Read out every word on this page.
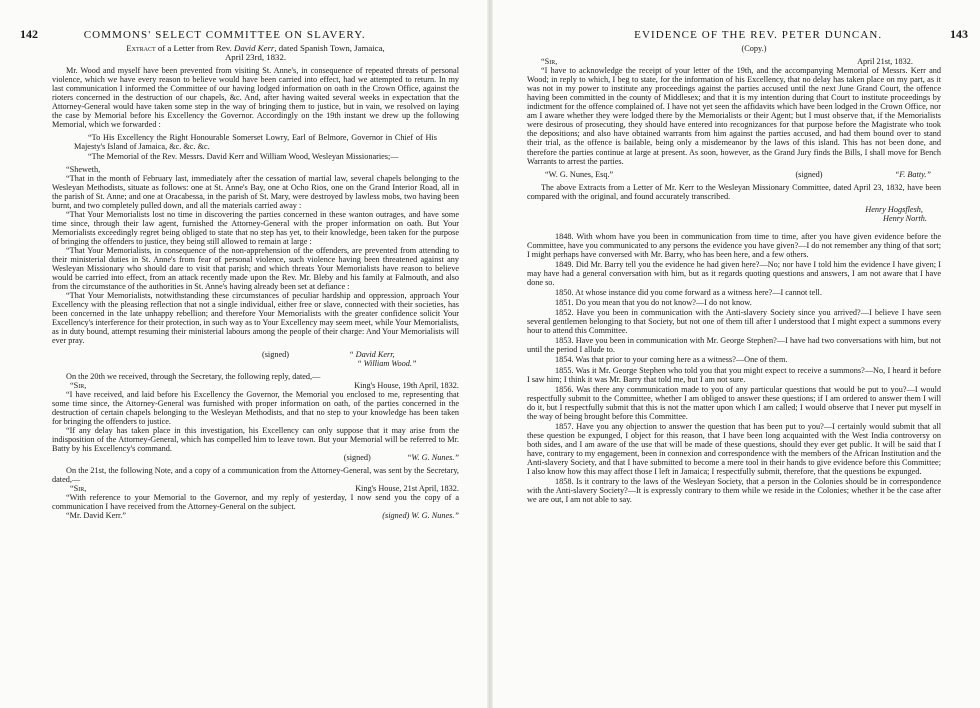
142	COMMONS' SELECT COMMITTEE ON SLAVERY.

Extract of a Letter from Rev. David Kerr, dated Spanish Town, Jamaica,

April 23rd, 1832.

Mr. Wood and myself have been prevented from visiting St. Anne's, in consequence of repeated threats of personal violence, which we have every reason to believe would have been carried into effect, had we attempted to return. In my last communication I informed the Committee of our having lodged information on oath in the Crown Office, against the rioters concerned in the destruction of our chapels, &c. And, after having waited several weeks in expectation that the Attorney-General would have taken some step in the way of bringing them to justice, but in vain, we resolved on laying the case by Memorial before his Excellency the Governor. Accordingly on the 19th instant we drew up the following Memorial, which we forwarded :

“To His Excellency the Right Honourable Somerset Lowry, Earl of Belmore, Governor in Chief of His Majesty's Island of Jamaica, &c. &c. &c.

“The Memorial of the Rev. Messrs. David Kerr and William Wood, Wesleyan Missionaries;—

“Sheweth,

“That in the month of February last, immediately after the cessation of martial law, several chapels belonging to the Wesleyan Methodists, situate as follows: one at St. Anne's Bay, one at Ocho Rios, one on the Grand Interior Road, all in the parish of St. Anne; and one at Oracabessa, in the parish of St. Mary, were destroyed by lawless mobs, two having been burnt, and two completely pulled down, and all the materials carried away :

“That Your Memorialists lost no time in discovering the parties concerned in these wanton outrages, and have some time since, through their law agent, furnished the Attorney-General with the proper information on oath. But Your Memorialists exceedingly regret being obliged to state that no step has yet, to their knowledge, been taken for the purpose of bringing the offenders to justice, they being still allowed to remain at large :

“That Your Memorialists, in consequence of the non-apprehension of the offenders, are prevented from attending to their ministerial duties in St. Anne's from fear of personal violence, such violence having been threatened against any Wesleyan Missionary who should dare to visit that parish; and which threats Your Memorialists have reason to believe would be carried into effect, from an attack recently made upon the Rev. Mr. Bleby and his family at Falmouth, and also from the circumstance of the authorities in St. Anne's having already been set at defiance :

“That Your Memorialists, notwithstanding these circumstances of peculiar hardship and oppression, approach Your Excellency with the pleasing reflection that not a single individual, either free or slave, connected with their societies, has been concerned in the late unhappy rebellion; and therefore Your Memorialists with the greater confidence solicit Your Excellency's interference for their protection, in such way as to Your Excellency may seem meet, while Your Memorialists, as in duty bound, attempt resuming their ministerial labours among the people of their charge: And Your Memorialists will ever pray.

(signed)	“ David Kerr,
“ William Wood.”

On the 20th we received, through the Secretary, the following reply, dated,—

“Sir,	King's House, 19th April, 1832.

“I have received, and laid before his Excellency the Governor, the Memorial you enclosed to me, representing that some time since, the Attorney-General was furnished with proper information on oath, of the parties concerned in the destruction of certain chapels belonging to the Wesleyan Methodists, and that no step to your knowledge has been taken for bringing the offenders to justice.

“If any delay has taken place in this investigation, his Excellency can only suppose that it may arise from the indisposition of the Attorney-General, which has compelled him to leave town. But your Memorial will be referred to Mr. Batty by his Excellency's command.

(signed)	“W. G. Nunes.”

On the 21st, the following Note, and a copy of a communication from the Attorney-General, was sent by the Secretary, dated,—

“Sir,	King's House, 21st April, 1832.

“With reference to your Memorial to the Governor, and my reply of yesterday, I now send you the copy of a communication I have received from the Attorney-General on the subject.

“Mr. David Kerr.”	(signed) W. G. Nunes.”
EVIDENCE OF THE REV. PETER DUNCAN.	143

(Copy.)

“Sir,	April 21st, 1832.

“I have to acknowledge the receipt of your letter of the 19th, and the accompanying Memorial of Messrs. Kerr and Wood; in reply to which, I beg to state, for the information of his Excellency, that no delay has taken place on my part, as it was not in my power to institute any proceedings against the parties accused until the next June Grand Court, the offence having been committed in the county of Middlesex; and that it is my intention during that Court to institute proceedings by indictment for the offence complained of. I have not yet seen the affidavits which have been lodged in the Crown Office, nor am I aware whether they were lodged there by the Memorialists or their Agent; but I must observe that, if the Memorialists were desirous of prosecuting, they should have entered into recognizances for that purpose before the Magistrate who took the depositions; and also have obtained warrants from him against the parties accused, and had them bound over to stand their trial, as the offence is bailable, being only a misdemeanor by the laws of this island. This has not been done, and therefore the parties continue at large at present. As soon, however, as the Grand Jury finds the Bills, I shall move for Bench Warrants to arrest the parties.

“W. G. Nunes, Esq.”	(signed)	“F. Batty.”

The above Extracts from a Letter of Mr. Kerr to the Wesleyan Missionary Committee, dated April 23, 1832, have been compared with the original, and found accurately transcribed.

Henry Hogsflesh,

Henry North.

1848. With whom have you been in communication from time to time, after you have given evidence before the Committee, have you communicated to any persons the evidence you have given?—I do not remember any thing of that sort; I might perhaps have conversed with Mr. Barry, who has been here, and a few others.

1849. Did Mr. Barry tell you the evidence he had given here?—No; nor have I told him the evidence I have given; I may have had a general conversation with him, but as it regards quoting questions and answers, I am not aware that I have done so.

1850. At whose instance did you come forward as a witness here?—I cannot tell.

1851. Do you mean that you do not know?—I do not know.

1852. Have you been in communication with the Anti-slavery Society since you arrived?—I believe I have seen several gentlemen belonging to that Society, but not one of them till after I understood that I might expect a summons every hour to attend this Committee.

1853. Have you been in communication with Mr. George Stephen?—I have had two conversations with him, but not until the period I allude to.

1854. Was that prior to your coming here as a witness?—One of them.

1855. Was it Mr. George Stephen who told you that you might expect to receive a summons?—No, I heard it before I saw him; I think it was Mr. Barry that told me, but I am not sure.

1856. Was there any communication made to you of any particular questions that would be put to you?—I would respectfully submit to the Committee, whether I am obliged to answer these questions; if I am ordered to answer them I will do it, but I respectfully submit that this is not the matter upon which I am called; I would observe that I never put myself in the way of being brought before this Committee.

1857. Have you any objection to answer the question that has been put to you?—I certainly would submit that all these question be expunged, I object for this reason, that I have been long acquainted with the West India controversy on both sides, and I am aware of the use that will be made of these questions, should they ever get public. It will be said that I have, contrary to my engagement, been in connexion and correspondence with the members of the African Institution and the Anti-slavery Society, and that I have submitted to become a mere tool in their hands to give evidence before this Committee; I also know how this may affect those I left in Jamaica; I respectfully submit, therefore, that the questions be expunged.

1858. Is it contrary to the laws of the Wesleyan Society, that a person in the Colonies should be in correspondence with the Anti-slavery Society?—It is expressly contrary to them while we reside in the Colonies; whether it be the case after we are out, I am not able to say.
